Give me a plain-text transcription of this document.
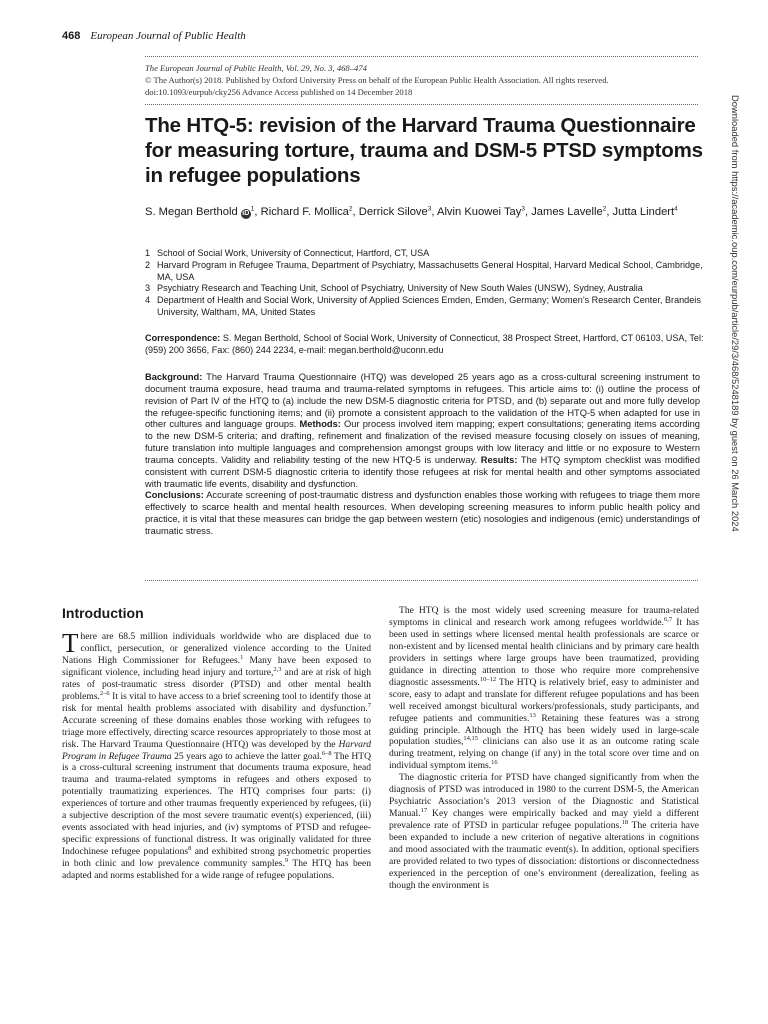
468 European Journal of Public Health
The European Journal of Public Health, Vol. 29, No. 3, 468–474
© The Author(s) 2018. Published by Oxford University Press on behalf of the European Public Health Association. All rights reserved.
doi:10.1093/eurpub/cky256 Advance Access published on 14 December 2018
The HTQ-5: revision of the Harvard Trauma Questionnaire for measuring torture, trauma and DSM-5 PTSD symptoms in refugee populations
S. Megan Berthold $iD^1$, Richard F. Mollica$^2$, Derrick Silove$^3$, Alvin Kuowei Tay$^3$, James Lavelle$^2$, Jutta Lindert$^4$
1 School of Social Work, University of Connecticut, Hartford, CT, USA
2 Harvard Program in Refugee Trauma, Department of Psychiatry, Massachusetts General Hospital, Harvard Medical School, Cambridge, MA, USA
3 Psychiatry Research and Teaching Unit, School of Psychiatry, University of New South Wales (UNSW), Sydney, Australia
4 Department of Health and Social Work, University of Applied Sciences Emden, Emden, Germany; Women’s Research Center, Brandeis University, Waltham, MA, United States
Correspondence: S. Megan Berthold, School of Social Work, University of Connecticut, 38 Prospect Street, Hartford, CT 06103, USA, Tel: (959) 200 3656, Fax: (860) 244 2234, e-mail: megan.berthold@uconn.edu
Background: The Harvard Trauma Questionnaire (HTQ) was developed 25 years ago as a cross-cultural screening instrument to document trauma exposure, head trauma and trauma-related symptoms in refugees. This article aims to: (i) outline the process of revision of Part IV of the HTQ to (a) include the new DSM-5 diagnostic criteria for PTSD, and (b) separate out and more fully develop the refugee-specific functioning items; and (ii) promote a consistent approach to the validation of the HTQ-5 when adapted for use in other cultures and language groups. Methods: Our process involved item mapping; expert consultations; generating items according to the new DSM-5 criteria; and drafting, refinement and finalization of the revised measure focusing closely on issues of meaning, future translation into multiple languages and comprehension amongst groups with low literacy and little or no exposure to Western trauma concepts. Validity and reliability testing of the new HTQ-5 is underway. Results: The HTQ symptom checklist was modified consistent with current DSM-5 diagnostic criteria to identify those refugees at risk for mental health and other symptoms associated with traumatic life events, disability and dysfunction.
Conclusions: Accurate screening of post-traumatic distress and dysfunction enables those working with refugees to triage them more effectively to scarce health and mental health resources. When developing screening measures to inform public health policy and practice, it is vital that these measures can bridge the gap between western (etic) nosologies and indigenous (emic) understandings of traumatic stress.
Introduction
There are 68.5 million individuals worldwide who are displaced due to conflict, persecution, or generalized violence according to the United Nations High Commissioner for Refugees.$^1$ Many have been exposed to significant violence, including head injury and torture,$^{2,3}$ and are at risk of high rates of post-traumatic stress disorder (PTSD) and other mental health problems.$^{2-6}$ It is vital to have access to a brief screening tool to identify those at risk for mental health problems associated with disability and dysfunction.$^7$ Accurate screening of these domains enables those working with refugees to triage more effectively, directing scarce resources appropriately to those most at risk. The Harvard Trauma Questionnaire (HTQ) was developed by the Harvard Program in Refugee Trauma 25 years ago to achieve the latter goal.$^{6-8}$ The HTQ is a cross-cultural screening instrument that documents trauma exposure, head trauma and trauma-related symptoms in refugees and others exposed to potentially traumatizing experiences. The HTQ comprises four parts: (i) experiences of torture and other traumas frequently experienced by refugees, (ii) a subjective description of the most severe traumatic event(s) experienced, (iii) events associated with head injuries, and (iv) symptoms of PTSD and refugee-specific expressions of functional distress. It was originally validated for three Indochinese refugee populations$^8$ and exhibited strong psychometric properties in both clinic and low prevalence community samples.$^9$ The HTQ has been adapted and norms established for a wide range of refugee populations.
The HTQ is the most widely used screening measure for trauma-related symptoms in clinical and research work among refugees worldwide.$^{6,7}$ It has been used in settings where licensed mental health professionals are scarce or non-existent and by licensed mental health clinicians and by primary care health providers in settings where large groups have been traumatized, providing guidance in directing attention to those who require more comprehensive diagnostic assessments.$^{10-12}$ The HTQ is relatively brief, easy to administer and score, easy to adapt and translate for different refugee populations and has been well received amongst bicultural workers/professionals, study participants, and refugee patients and communities.$^{13}$ Retaining these features was a strong guiding principle. Although the HTQ has been widely used in large-scale population studies,$^{14,15}$ clinicians can also use it as an outcome rating scale during treatment, relying on change (if any) in the total score over time and on individual symptom items.$^{16}$
The diagnostic criteria for PTSD have changed significantly from when the diagnosis of PTSD was introduced in 1980 to the current DSM-5, the American Psychiatric Association’s 2013 version of the Diagnostic and Statistical Manual.$^{17}$ Key changes were empirically backed and may yield a different prevalence rate of PTSD in particular refugee populations.$^{18}$ The criteria have been expanded to include a new criterion of negative alterations in cognitions and mood associated with the traumatic event(s). In addition, optional specifiers are provided related to two types of dissociation: distortions or disconnectedness experienced in the perception of one’s environment (derealization, feeling as though the environment is
Downloaded from https://academic.oup.com/eurpub/article/29/3/468/5248189 by guest on 26 March 2024
